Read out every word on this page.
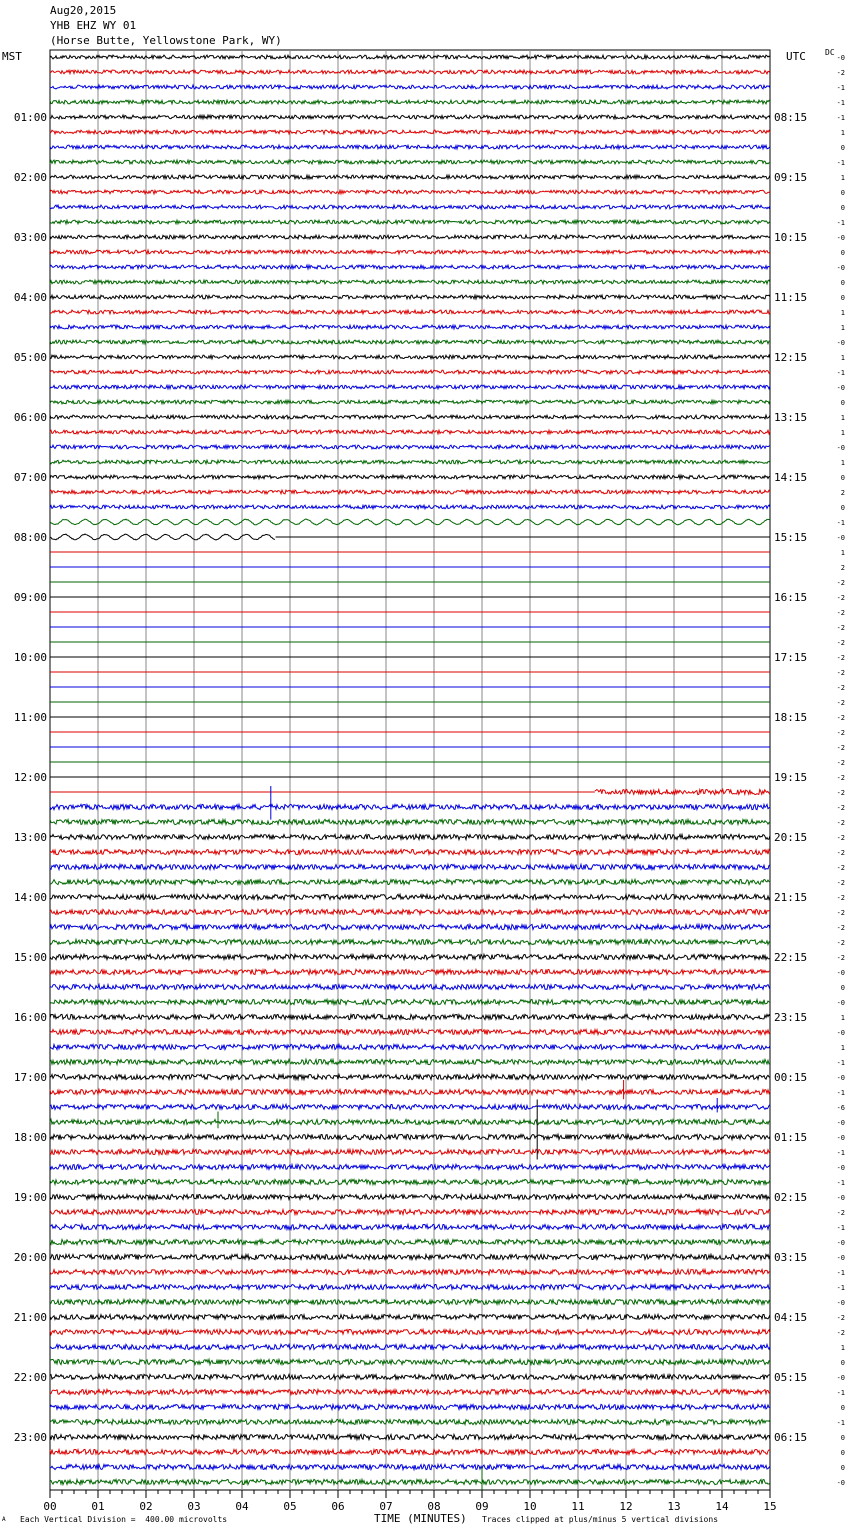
Aug20,2015
YHB EHZ WY 01
(Horse Butte, Yellowstone Park, WY)
MST	UTC DC
01:00
02:00
03:00
04:00
05:00
06:00
07:00
08:00
09:00
10:00
11:00
12:00
13:00
14:00
15:00
16:00
17:00
18:00
19:00
20:00
21:00
22:00
23:00
08:15
09:15
10:15
11:15
12:15
13:15
14:15
15:15
16:15
17:15
18:15
19:15
20:15
21:15
22:15
23:15
00:15
01:15
02:15
03:15
04:15
05:15
06:15
-0
-2
-1
-1
-1
1
0
-1
1
0
0
-1
-0
0
-0
0
0
1
1
-0
1
-1
-0
0
1
1
-0
1
0
2
0
-1
-0
1
2
-2
-2
-2
-2
-2
-2
-2
-2
-2
-2
-2
-2
-2
-2
-2
-2
-2
-2
-2
-2
-2
-2
-2
-2
-2
-2
-0
0
-0
1
-0
1
-1
-0
-1
-6
-0
-0
-1
-0
-1
-0
-2
-1
-0
-0
-1
-1
-0
-2
-2
1
0
-0
-1
0
-1
0
0
0
-0
00	01	02	03	04	05	06	07	08	09	10	11	12	13	14	15
A Each Vertical Division =  400.00 microvolts	TIME (MINUTES) Traces clipped at plus/minus 5 vertical divisions
